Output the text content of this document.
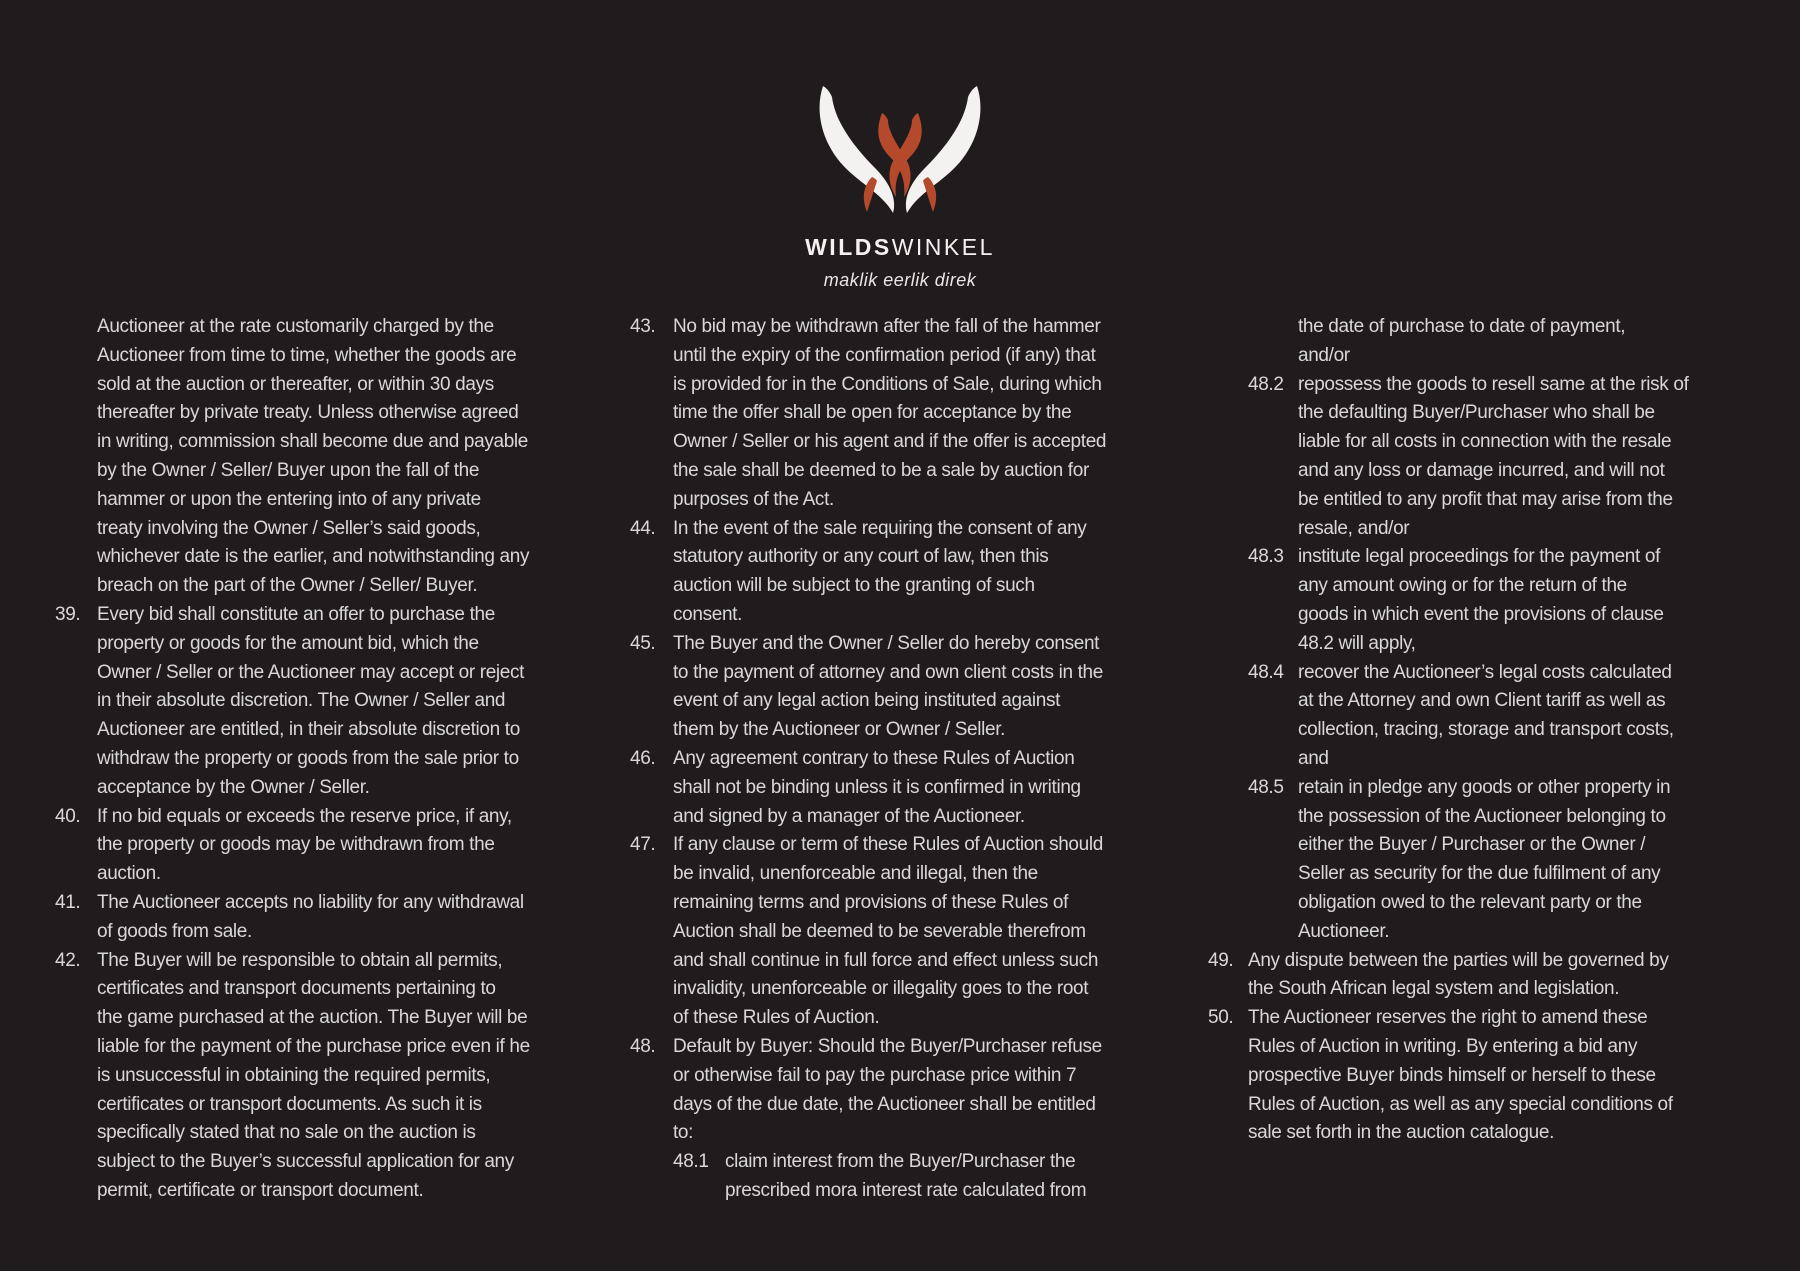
WILDSWINKEL
maklik eerlik direk
Auctioneer at the rate customarily charged by the
Auctioneer from time to time, whether the goods are
sold at the auction or thereafter, or within 30 days
thereafter by private treaty. Unless otherwise agreed
in writing, commission shall become due and payable
by the Owner / Seller/ Buyer upon the fall of the
hammer or upon the entering into of any private
treaty involving the Owner / Seller’s said goods,
whichever date is the earlier, and notwithstanding any
breach on the part of the Owner / Seller/ Buyer.
39. Every bid shall constitute an offer to purchase the
property or goods for the amount bid, which the
Owner / Seller or the Auctioneer may accept or reject
in their absolute discretion. The Owner / Seller and
Auctioneer are entitled, in their absolute discretion to
withdraw the property or goods from the sale prior to
acceptance by the Owner / Seller.
40. If no bid equals or exceeds the reserve price, if any,
the property or goods may be withdrawn from the
auction.
41. The Auctioneer accepts no liability for any withdrawal
of goods from sale.
42. The Buyer will be responsible to obtain all permits,
certificates and transport documents pertaining to
the game purchased at the auction. The Buyer will be
liable for the payment of the purchase price even if he
is unsuccessful in obtaining the required permits,
certificates or transport documents. As such it is
specifically stated that no sale on the auction is
subject to the Buyer’s successful application for any
permit, certificate or transport document.
43. No bid may be withdrawn after the fall of the hammer
until the expiry of the confirmation period (if any) that
is provided for in the Conditions of Sale, during which
time the offer shall be open for acceptance by the
Owner / Seller or his agent and if the offer is accepted
the sale shall be deemed to be a sale by auction for
purposes of the Act.
44. In the event of the sale requiring the consent of any
statutory authority or any court of law, then this
auction will be subject to the granting of such
consent.
45. The Buyer and the Owner / Seller do hereby consent
to the payment of attorney and own client costs in the
event of any legal action being instituted against
them by the Auctioneer or Owner / Seller.
46. Any agreement contrary to these Rules of Auction
shall not be binding unless it is confirmed in writing
and signed by a manager of the Auctioneer.
47. If any clause or term of these Rules of Auction should
be invalid, unenforceable and illegal, then the
remaining terms and provisions of these Rules of
Auction shall be deemed to be severable therefrom
and shall continue in full force and effect unless such
invalidity, unenforceable or illegality goes to the root
of these Rules of Auction.
48. Default by Buyer: Should the Buyer/Purchaser refuse
or otherwise fail to pay the purchase price within 7
days of the due date, the Auctioneer shall be entitled
to:
48.1 claim interest from the Buyer/Purchaser the
prescribed mora interest rate calculated from
the date of purchase to date of payment,
and/or
48.2 repossess the goods to resell same at the risk of
the defaulting Buyer/Purchaser who shall be
liable for all costs in connection with the resale
and any loss or damage incurred, and will not
be entitled to any profit that may arise from the
resale, and/or
48.3 institute legal proceedings for the payment of
any amount owing or for the return of the
goods in which event the provisions of clause
48.2 will apply,
48.4 recover the Auctioneer’s legal costs calculated
at the Attorney and own Client tariff as well as
collection, tracing, storage and transport costs,
and
48.5 retain in pledge any goods or other property in
the possession of the Auctioneer belonging to
either the Buyer / Purchaser or the Owner /
Seller as security for the due fulfilment of any
obligation owed to the relevant party or the
Auctioneer.
49. Any dispute between the parties will be governed by
the South African legal system and legislation.
50. The Auctioneer reserves the right to amend these
Rules of Auction in writing. By entering a bid any
prospective Buyer binds himself or herself to these
Rules of Auction, as well as any special conditions of
sale set forth in the auction catalogue.
